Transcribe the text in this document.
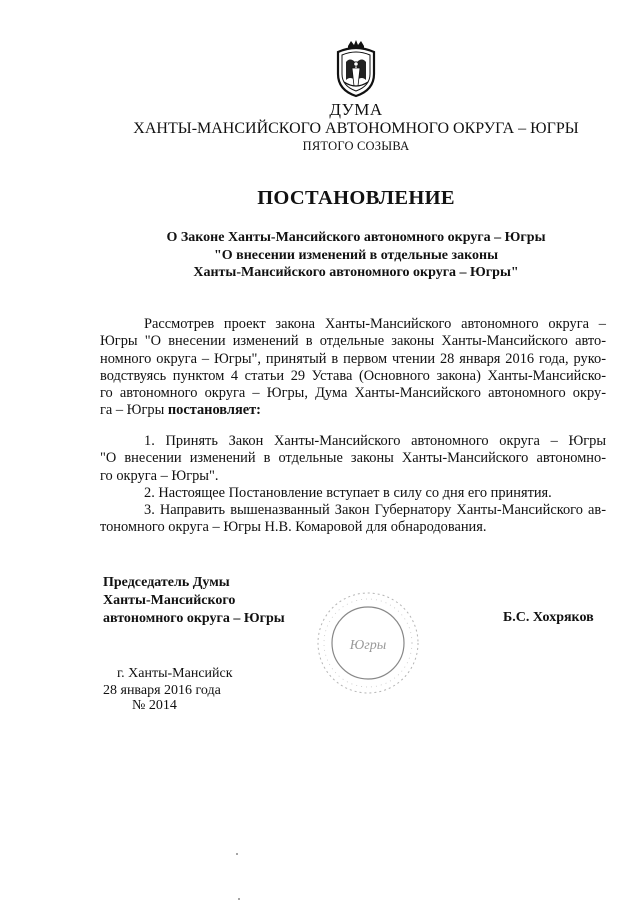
ДУМА
ХАНТЫ-МАНСИЙСКОГО АВТОНОМНОГО ОКРУГА – ЮГРЫ
ПЯТОГО СОЗЫВА
ПОСТАНОВЛЕНИЕ
О Законе Ханты-Мансийского автономного округа – Югры
"О внесении изменений в отдельные законы
Ханты-Мансийского автономного округа – Югры"
Рассмотрев проект закона Ханты-Мансийского автономного округа –
Югры "О внесении изменений в отдельные законы Ханты-Мансийского авто-
номного округа – Югры", принятый в первом чтении 28 января 2016 года, руко-
водствуясь пунктом 4 статьи 29 Устава (Основного закона) Ханты-Мансийско-
го автономного округа – Югры, Дума Ханты-Мансийского автономного окру-
га – Югры постановляет:
1. Принять Закон Ханты-Мансийского автономного округа – Югры
"О внесении изменений в отдельные законы Ханты-Мансийского автономно-
го округа – Югры".
2. Настоящее Постановление вступает в силу со дня его принятия.
3. Направить вышеназванный Закон Губернатору Ханты-Мансийского ав-
тономного округа – Югры Н.В. Комаровой для обнародования.
Председатель Думы
Ханты-Мансийского
автономного округа – Югры
Югры
Б.С. Хохряков
г. Ханты-Мансийск
28 января 2016 года
№ 2014
